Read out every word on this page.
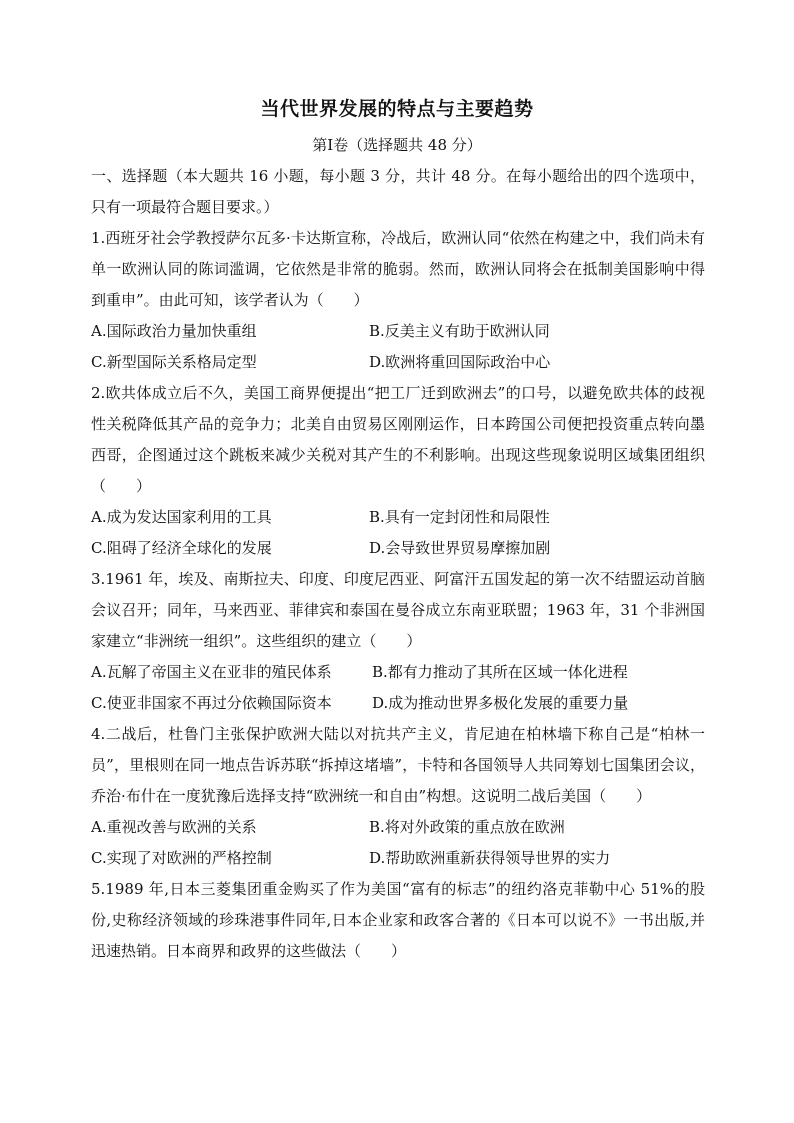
当代世界发展的特点与主要趋势
第Ⅰ卷（选择题共 48 分）

一、选择题（本大题共 16 小题，每小题 3 分，共计 48 分。在每小题给出的四个选项中，只有一项最符合题目要求。）

1.西班牙社会学教授萨尔瓦多·卡达斯宣称，冷战后，欧洲认同“依然在构建之中，我们尚未有单一欧洲认同的陈词滥调，它依然是非常的脆弱。然而，欧洲认同将会在抵制美国影响中得到重申”。由此可知，该学者认为（　　）

A.国际政治力量加快重组	B.反美主义有助于欧洲认同
C.新型国际关系格局定型	D.欧洲将重回国际政治中心

2.欧共体成立后不久，美国工商界便提出“把工厂迁到欧洲去”的口号，以避免欧共体的歧视性关税降低其产品的竞争力；北美自由贸易区刚刚运作，日本跨国公司便把投资重点转向墨西哥，企图通过这个跳板来减少关税对其产生的不利影响。出现这些现象说明区域集团组织（　　）

A.成为发达国家利用的工具	B.具有一定封闭性和局限性
C.阻碍了经济全球化的发展	D.会导致世界贸易摩擦加剧

3.1961 年，埃及、南斯拉夫、印度、印度尼西亚、阿富汗五国发起的第一次不结盟运动首脑会议召开；同年，马来西亚、菲律宾和泰国在曼谷成立东南亚联盟；1963 年，31 个非洲国家建立“非洲统一组织”。这些组织的建立（　　）

A.瓦解了帝国主义在亚非的殖民体系	B.都有力推动了其所在区域一体化进程
C.使亚非国家不再过分依赖国际资本	D.成为推动世界多极化发展的重要力量

4.二战后，杜鲁门主张保护欧洲大陆以对抗共产主义，肯尼迪在柏林墙下称自己是“柏林一员”，里根则在同一地点告诉苏联“拆掉这堵墙”，卡特和各国领导人共同筹划七国集团会议，乔治·布什在一度犹豫后选择支持“欧洲统一和自由”构想。这说明二战后美国（　　）

A.重视改善与欧洲的关系	B.将对外政策的重点放在欧洲
C.实现了对欧洲的严格控制	D.帮助欧洲重新获得领导世界的实力

5.1989 年,日本三菱集团重金购买了作为美国“富有的标志”的纽约洛克菲勒中心 51%的股份,史称经济领域的珍珠港事件同年,日本企业家和政客合著的《日本可以说不》一书出版,并迅速热销。日本商界和政界的这些做法（　　）
